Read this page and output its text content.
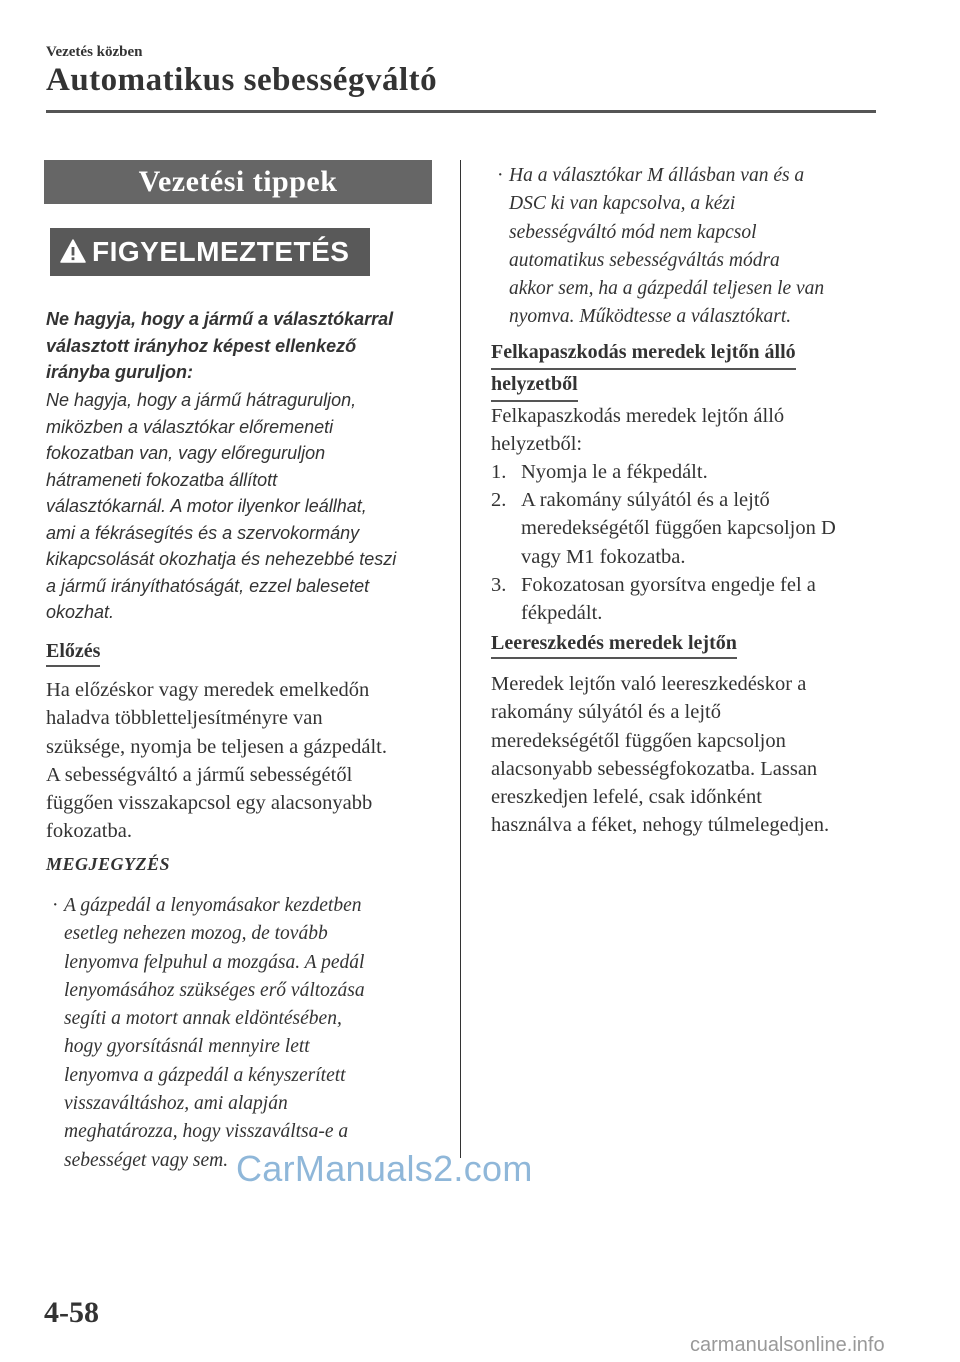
Vezetés közben
Automatikus sebességváltó
Vezetési tippek
FIGYELMEZTETÉS
Ne hagyja, hogy a jármű a választókarral
választott irányhoz képest ellenkező
irányba guruljon:
Ne hagyja, hogy a jármű hátraguruljon,
miközben a választókar előremeneti
fokozatban van, vagy előreguruljon
hátrameneti fokozatba állított
választókarnál. A motor ilyenkor leállhat,
ami a fékrásegítés és a szervokormány
kikapcsolását okozhatja és nehezebbé teszi
a jármű irányíthatóságát, ezzel balesetet
okozhat.
Előzés
Ha előzéskor vagy meredek emelkedőn
haladva többletteljesítményre van
szüksége, nyomja be teljesen a gázpedált.
A sebességváltó a jármű sebességétől
függően visszakapcsol egy alacsonyabb
fokozatba.
MEGJEGYZÉS
· A gázpedál a lenyomásakor kezdetben
esetleg nehezen mozog, de tovább
lenyomva felpuhul a mozgása. A pedál
lenyomásához szükséges erő változása
segíti a motort annak eldöntésében,
hogy gyorsításnál mennyire lett
lenyomva a gázpedál a kényszerített
visszaváltáshoz, ami alapján
meghatározza, hogy visszaváltsa-e a
sebességet vagy sem.
· Ha a választókar M állásban van és a
DSC ki van kapcsolva, a kézi
sebességváltó mód nem kapcsol
automatikus sebességváltás módra
akkor sem, ha a gázpedál teljesen le van
nyomva. Működtesse a választókart.
Felkapaszkodás meredek lejtőn álló
helyzetből
Felkapaszkodás meredek lejtőn álló
helyzetből:
1. Nyomja le a fékpedált.
2. A rakomány súlyától és a lejtő
meredekségétől függően kapcsoljon D
vagy M1 fokozatba.
3. Fokozatosan gyorsítva engedje fel a
fékpedált.
Leereszkedés meredek lejtőn
Meredek lejtőn való leereszkedéskor a
rakomány súlyától és a lejtő
meredekségétől függően kapcsoljon
alacsonyabb sebességfokozatba. Lassan
ereszkedjen lefelé, csak időnként
használva a féket, nehogy túlmelegedjen.
CarManuals2.com
4-58
carmanualsonline.info
